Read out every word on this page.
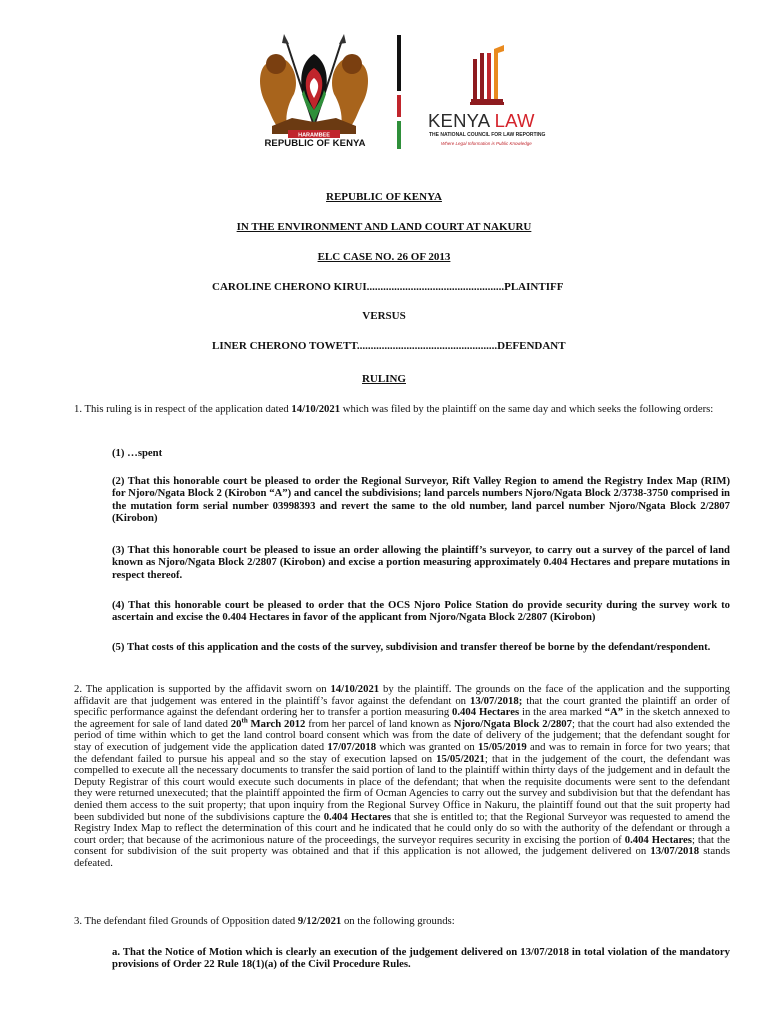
HARAMBEE
REPUBLIC OF KENYA
KENYA LAW
THE NATIONAL COUNCIL FOR LAW REPORTING
Where Legal Information is Public Knowledge
REPUBLIC OF KENYA
IN THE ENVIRONMENT AND LAND COURT AT NAKURU
ELC CASE NO. 26 OF 2013
CAROLINE CHERONO KIRUI..................................................PLAINTIFF
VERSUS
LINER CHERONO TOWETT...................................................DEFENDANT
RULING
1. This ruling is in respect of the application dated 14/10/2021 which was filed by the plaintiff on the same day and which seeks the following orders:
(1) …spent
(2) That this honorable court be pleased to order the Regional Surveyor, Rift Valley Region to amend the Registry Index Map (RIM) for Njoro/Ngata Block 2 (Kirobon “A”) and cancel the subdivisions; land parcels numbers Njoro/Ngata Block 2/3738-3750 comprised in the mutation form serial number 03998393 and revert the same to the old number, land parcel number Njoro/Ngata Block 2/2807 (Kirobon)
(3) That this honorable court be pleased to issue an order allowing the plaintiff’s surveyor, to carry out a survey of the parcel of land known as Njoro/Ngata Block 2/2807 (Kirobon) and excise a portion measuring approximately 0.404 Hectares and prepare mutations in respect thereof.
(4) That this honorable court be pleased to order that the OCS Njoro Police Station do provide security during the survey work to ascertain and excise the 0.404 Hectares in favor of the applicant from Njoro/Ngata Block 2/2807 (Kirobon)
(5) That costs of this application and the costs of the survey, subdivision and transfer thereof be borne by the defendant/respondent.
2. The application is supported by the affidavit sworn on 14/10/2021 by the plaintiff. The grounds on the face of the application and the supporting affidavit are that judgement was entered in the plaintiff’s favor against the defendant on 13/07/2018; that the court granted the plaintiff an order of specific performance against the defendant ordering her to transfer a portion measuring 0.404 Hectares in the area marked “A” in the sketch annexed to the agreement for sale of land dated 20th March 2012 from her parcel of land known as Njoro/Ngata Block 2/2807; that the court had also extended the period of time within which to get the land control board consent which was from the date of delivery of the judgement; that the defendant sought for stay of execution of judgement vide the application dated 17/07/2018 which was granted on 15/05/2019 and was to remain in force for two years; that the defendant failed to pursue his appeal and so the stay of execution lapsed on 15/05/2021; that in the judgement of the court, the defendant was compelled to execute all the necessary documents to transfer the said portion of land to the plaintiff within thirty days of the judgement and in default the Deputy Registrar of this court would execute such documents in place of the defendant; that when the requisite documents were sent to the defendant they were returned unexecuted; that the plaintiff appointed the firm of Ocman Agencies to carry out the survey and subdivision but that the defendant has denied them access to the suit property; that upon inquiry from the Regional Survey Office in Nakuru, the plaintiff found out that the suit property had been subdivided but none of the subdivisions capture the 0.404 Hectares that she is entitled to; that the Regional Surveyor was requested to amend the Registry Index Map to reflect the determination of this court and he indicated that he could only do so with the authority of the defendant or through a court order; that because of the acrimonious nature of the proceedings, the surveyor requires security in excising the portion of 0.404 Hectares; that the consent for subdivision of the suit property was obtained and that if this application is not allowed, the judgement delivered on 13/07/2018 stands defeated.
3. The defendant filed Grounds of Opposition dated 9/12/2021 on the following grounds:
a. That the Notice of Motion which is clearly an execution of the judgement delivered on 13/07/2018 in total violation of the mandatory provisions of Order 22 Rule 18(1)(a) of the Civil Procedure Rules.
